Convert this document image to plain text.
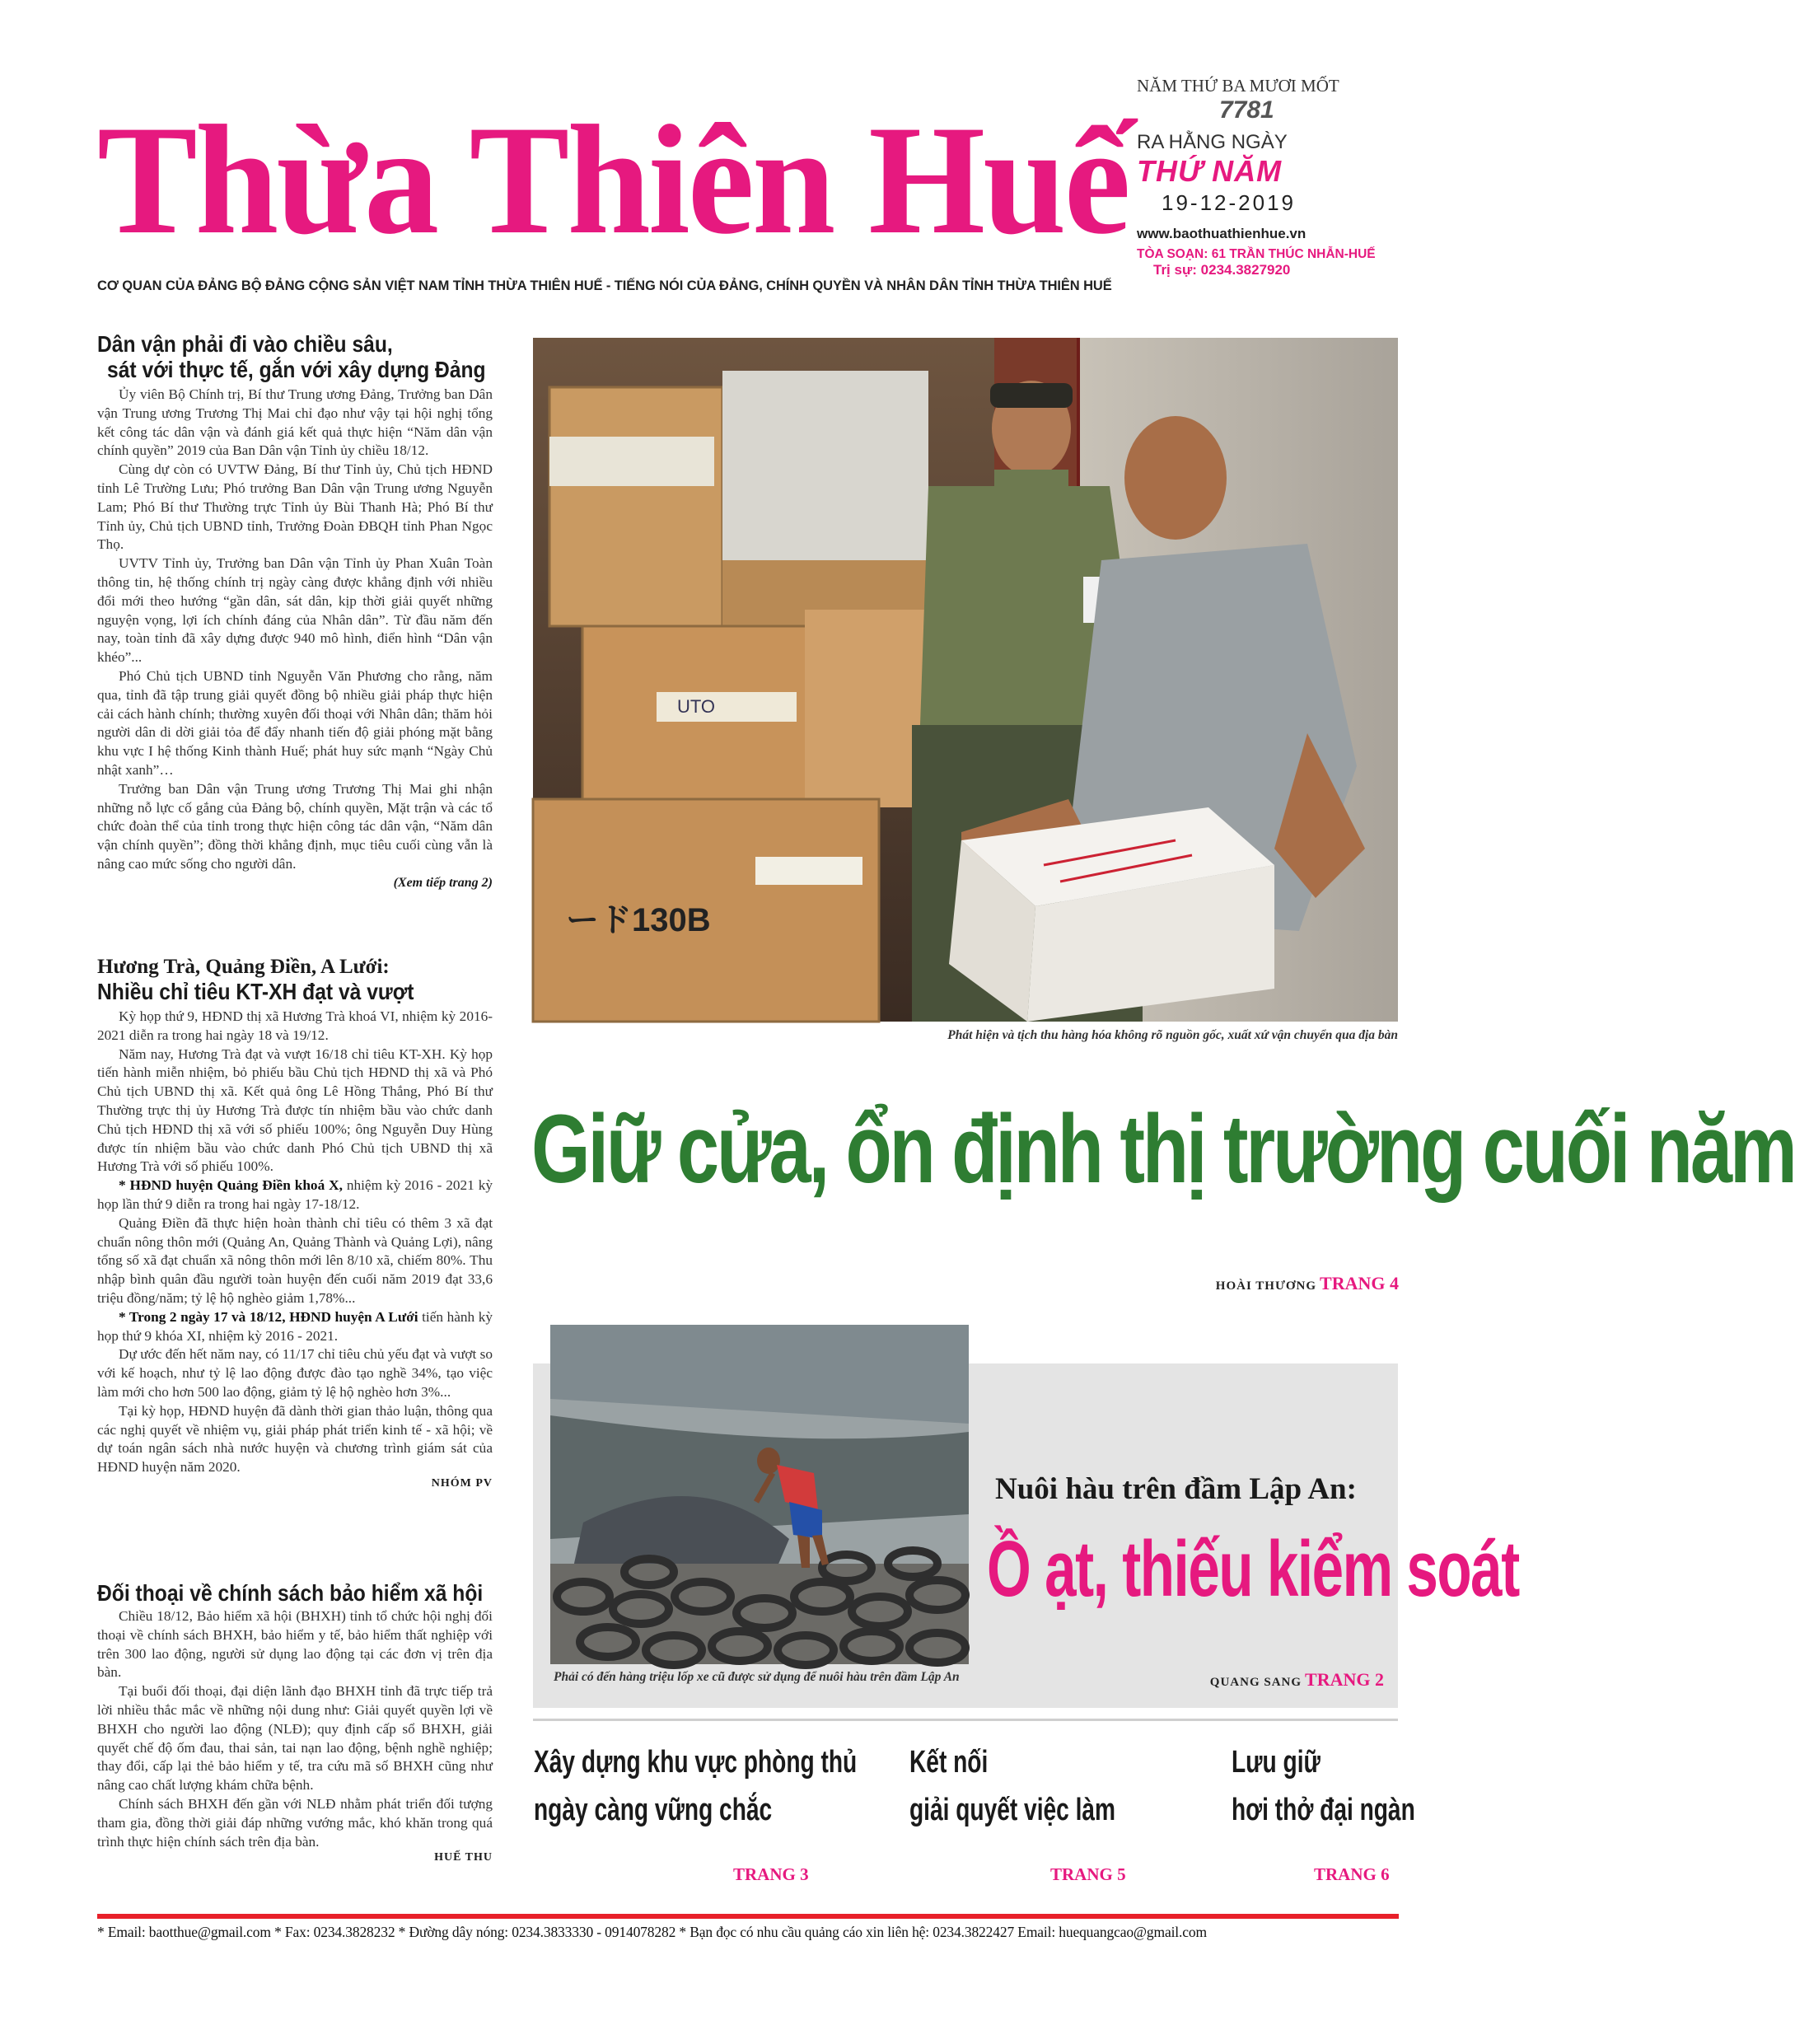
Thừa Thiên Huế
CƠ QUAN CỦA ĐẢNG BỘ ĐẢNG CỘNG SẢN VIỆT NAM TỈNH THỪA THIÊN HUẾ - TIẾNG NÓI CỦA ĐẢNG, CHÍNH QUYỀN VÀ NHÂN DÂN TỈNH THỪA THIÊN HUẾ
NĂM THỨ BA MƯƠI MỐT
7781
RA HẰNG NGÀY
THỨ NĂM
19-12-2019
www.baothuathienhue.vn
TÒA SOẠN: 61 TRẦN THÚC NHẪN-HUẾ
Trị sự: 0234.3827920
Dân vận phải đi vào chiều sâu,
sát với thực tế, gắn với xây dựng Đảng

Ủy viên Bộ Chính trị, Bí thư Trung ương Đảng, Trưởng ban Dân vận Trung ương Trương Thị Mai chỉ đạo như vậy tại hội nghị tổng kết công tác dân vận và đánh giá kết quả thực hiện “Năm dân vận chính quyền” 2019 của Ban Dân vận Tỉnh ủy chiều 18/12.

Cùng dự còn có UVTW Đảng, Bí thư Tỉnh ủy, Chủ tịch HĐND tỉnh Lê Trường Lưu; Phó trưởng Ban Dân vận Trung ương Nguyễn Lam; Phó Bí thư Thường trực Tỉnh ủy Bùi Thanh Hà; Phó Bí thư Tỉnh ủy, Chủ tịch UBND tỉnh, Trưởng Đoàn ĐBQH tỉnh Phan Ngọc Thọ.

UVTV Tỉnh ủy, Trưởng ban Dân vận Tỉnh ủy Phan Xuân Toàn thông tin, hệ thống chính trị ngày càng được khẳng định với nhiều đổi mới theo hướng “gần dân, sát dân, kịp thời giải quyết những nguyện vọng, lợi ích chính đáng của Nhân dân”. Từ đầu năm đến nay, toàn tỉnh đã xây dựng được 940 mô hình, điển hình “Dân vận khéo”...

Phó Chủ tịch UBND tỉnh Nguyễn Văn Phương cho rằng, năm qua, tỉnh đã tập trung giải quyết đồng bộ nhiều giải pháp thực hiện cải cách hành chính; thường xuyên đối thoại với Nhân dân; thăm hỏi người dân di dời giải tỏa để đẩy nhanh tiến độ giải phóng mặt bằng khu vực I hệ thống Kinh thành Huế; phát huy sức mạnh “Ngày Chủ nhật xanh”…

Trưởng ban Dân vận Trung ương Trương Thị Mai ghi nhận những nỗ lực cố gắng của Đảng bộ, chính quyền, Mặt trận và các tổ chức đoàn thể của tỉnh trong thực hiện công tác dân vận, “Năm dân vận chính quyền”; đồng thời khẳng định, mục tiêu cuối cùng vẫn là nâng cao mức sống cho người dân.

(Xem tiếp trang 2)
Hương Trà, Quảng Điền, A Lưới:
Nhiều chỉ tiêu KT-XH đạt và vượt

Kỳ họp thứ 9, HĐND thị xã Hương Trà khoá VI, nhiệm kỳ 2016-2021 diễn ra trong hai ngày 18 và 19/12.

Năm nay, Hương Trà đạt và vượt 16/18 chỉ tiêu KT-XH. Kỳ họp tiến hành miễn nhiệm, bỏ phiếu bầu Chủ tịch HĐND thị xã và Phó Chủ tịch UBND thị xã. Kết quả ông Lê Hồng Thắng, Phó Bí thư Thường trực thị ủy Hương Trà được tín nhiệm bầu vào chức danh Chủ tịch HĐND thị xã với số phiếu 100%; ông Nguyễn Duy Hùng được tín nhiệm bầu vào chức danh Phó Chủ tịch UBND thị xã Hương Trà với số phiếu 100%.

* HĐND huyện Quảng Điền khoá X, nhiệm kỳ 2016 - 2021 kỳ họp lần thứ 9 diễn ra trong hai ngày 17-18/12.

Quảng Điền đã thực hiện hoàn thành chỉ tiêu có thêm 3 xã đạt chuẩn nông thôn mới (Quảng An, Quảng Thành và Quảng Lợi), nâng tổng số xã đạt chuẩn xã nông thôn mới lên 8/10 xã, chiếm 80%. Thu nhập bình quân đầu người toàn huyện đến cuối năm 2019 đạt 33,6 triệu đồng/năm; tỷ lệ hộ nghèo giảm 1,78%...

* Trong 2 ngày 17 và 18/12, HĐND huyện A Lưới tiến hành kỳ họp thứ 9 khóa XI, nhiệm kỳ 2016 - 2021.

Dự ước đến hết năm nay, có 11/17 chỉ tiêu chủ yếu đạt và vượt so với kế hoạch, như tỷ lệ lao động được đào tạo nghề 34%, tạo việc làm mới cho hơn 500 lao động, giảm tỷ lệ hộ nghèo hơn 3%...

Tại kỳ họp, HĐND huyện đã dành thời gian thảo luận, thông qua các nghị quyết về nhiệm vụ, giải pháp phát triển kinh tế - xã hội; về dự toán ngân sách nhà nước huyện và chương trình giám sát của HĐND huyện năm 2020.

NHÓM PV
Đối thoại về chính sách bảo hiểm xã hội

Chiều 18/12, Bảo hiểm xã hội (BHXH) tỉnh tổ chức hội nghị đối thoại về chính sách BHXH, bảo hiểm y tế, bảo hiểm thất nghiệp với trên 300 lao động, người sử dụng lao động tại các đơn vị trên địa bàn.

Tại buổi đối thoại, đại diện lãnh đạo BHXH tỉnh đã trực tiếp trả lời nhiều thắc mắc về những nội dung như: Giải quyết quyền lợi về BHXH cho người lao động (NLĐ); quy định cấp sổ BHXH, giải quyết chế độ ốm đau, thai sản, tai nạn lao động, bệnh nghề nghiệp; thay đổi, cấp lại thẻ bảo hiểm y tế, tra cứu mã số BHXH cũng như nâng cao chất lượng khám chữa bệnh.

Chính sách BHXH đến gần với NLĐ nhằm phát triển đối tượng tham gia, đồng thời giải đáp những vướng mắc, khó khăn trong quá trình thực hiện chính sách trên địa bàn.

HUẾ THU
UTO
ード130B
Phát hiện và tịch thu hàng hóa không rõ nguồn gốc, xuất xứ vận chuyển qua địa bàn
Giữ cửa, ổn định thị trường cuối năm
HOÀI THƯƠNG TRANG 4
Phải có đến hàng triệu lốp xe cũ được sử dụng để nuôi hàu trên đầm Lập An
Nuôi hàu trên đầm Lập An:
Ồ ạt, thiếu kiểm soát
QUANG SANG TRANG 2
Xây dựng khu vực phòng thủ
ngày càng vững chắc
TRANG 3
Kết nối
giải quyết việc làm
TRANG 5
Lưu giữ
hơi thở đại ngàn
TRANG 6
* Email: baotthue@gmail.com * Fax: 0234.3828232 * Đường dây nóng: 0234.3833330 - 0914078282 * Bạn đọc có nhu cầu quảng cáo xin liên hệ: 0234.3822427 Email: huequangcao@gmail.com
